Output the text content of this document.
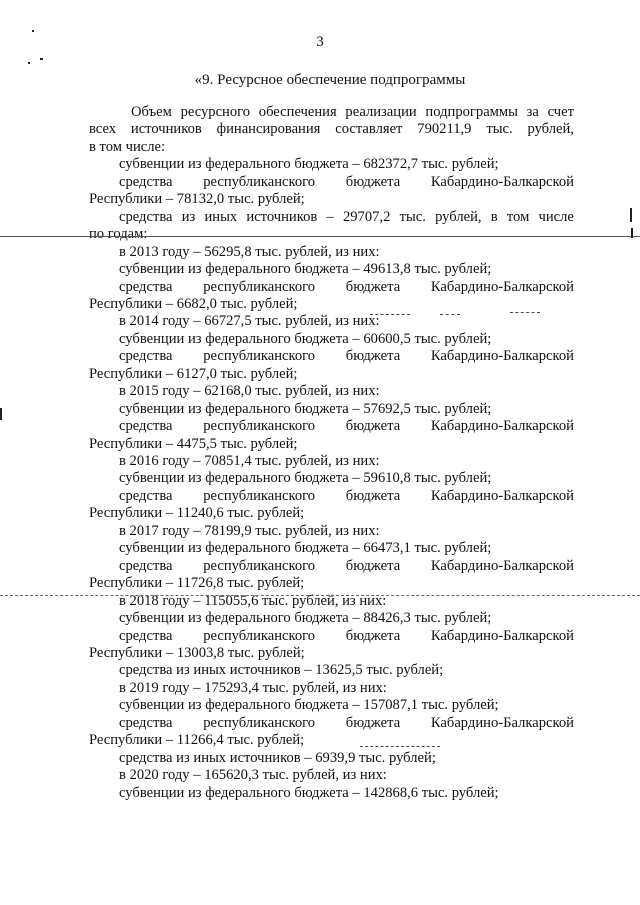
3
«9. Ресурсное обеспечение подпрограммы
Объем ресурсного обеспечения реализации подпрограммы за счет
всех источников финансирования составляет 790211,9 тыс. рублей,
в том числе:
субвенции из федерального бюджета – 682372,7 тыс. рублей;
средства республиканского бюджета Кабардино-Балкарской
Республики – 78132,0 тыс. рублей;
средства из иных источников – 29707,2 тыс. рублей, в том числе
по годам:
в 2013 году – 56295,8 тыс. рублей, из них:
субвенции из федерального бюджета – 49613,8 тыс. рублей;
средства республиканского бюджета Кабардино-Балкарской
Республики – 6682,0 тыс. рублей;
в 2014 году – 66727,5 тыс. рублей, из них:
субвенции из федерального бюджета – 60600,5 тыс. рублей;
средства республиканского бюджета Кабардино-Балкарской
Республики – 6127,0 тыс. рублей;
в 2015 году – 62168,0 тыс. рублей, из них:
субвенции из федерального бюджета – 57692,5 тыс. рублей;
средства республиканского бюджета Кабардино-Балкарской
Республики – 4475,5 тыс. рублей;
в 2016 году – 70851,4 тыс. рублей, из них:
субвенции из федерального бюджета – 59610,8 тыс. рублей;
средства республиканского бюджета Кабардино-Балкарской
Республики – 11240,6 тыс. рублей;
в 2017 году – 78199,9 тыс. рублей, из них:
субвенции из федерального бюджета – 66473,1 тыс. рублей;
средства республиканского бюджета Кабардино-Балкарской
Республики – 11726,8 тыс. рублей;
в 2018 году – 115055,6 тыс. рублей, из них:
субвенции из федерального бюджета – 88426,3 тыс. рублей;
средства республиканского бюджета Кабардино-Балкарской
Республики – 13003,8 тыс. рублей;
средства из иных источников – 13625,5 тыс. рублей;
в 2019 году – 175293,4 тыс. рублей, из них:
субвенции из федерального бюджета – 157087,1 тыс. рублей;
средства республиканского бюджета Кабардино-Балкарской
Республики – 11266,4 тыс. рублей;
средства из иных источников – 6939,9 тыс. рублей;
в 2020 году – 165620,3 тыс. рублей, из них:
субвенции из федерального бюджета – 142868,6 тыс. рублей;
